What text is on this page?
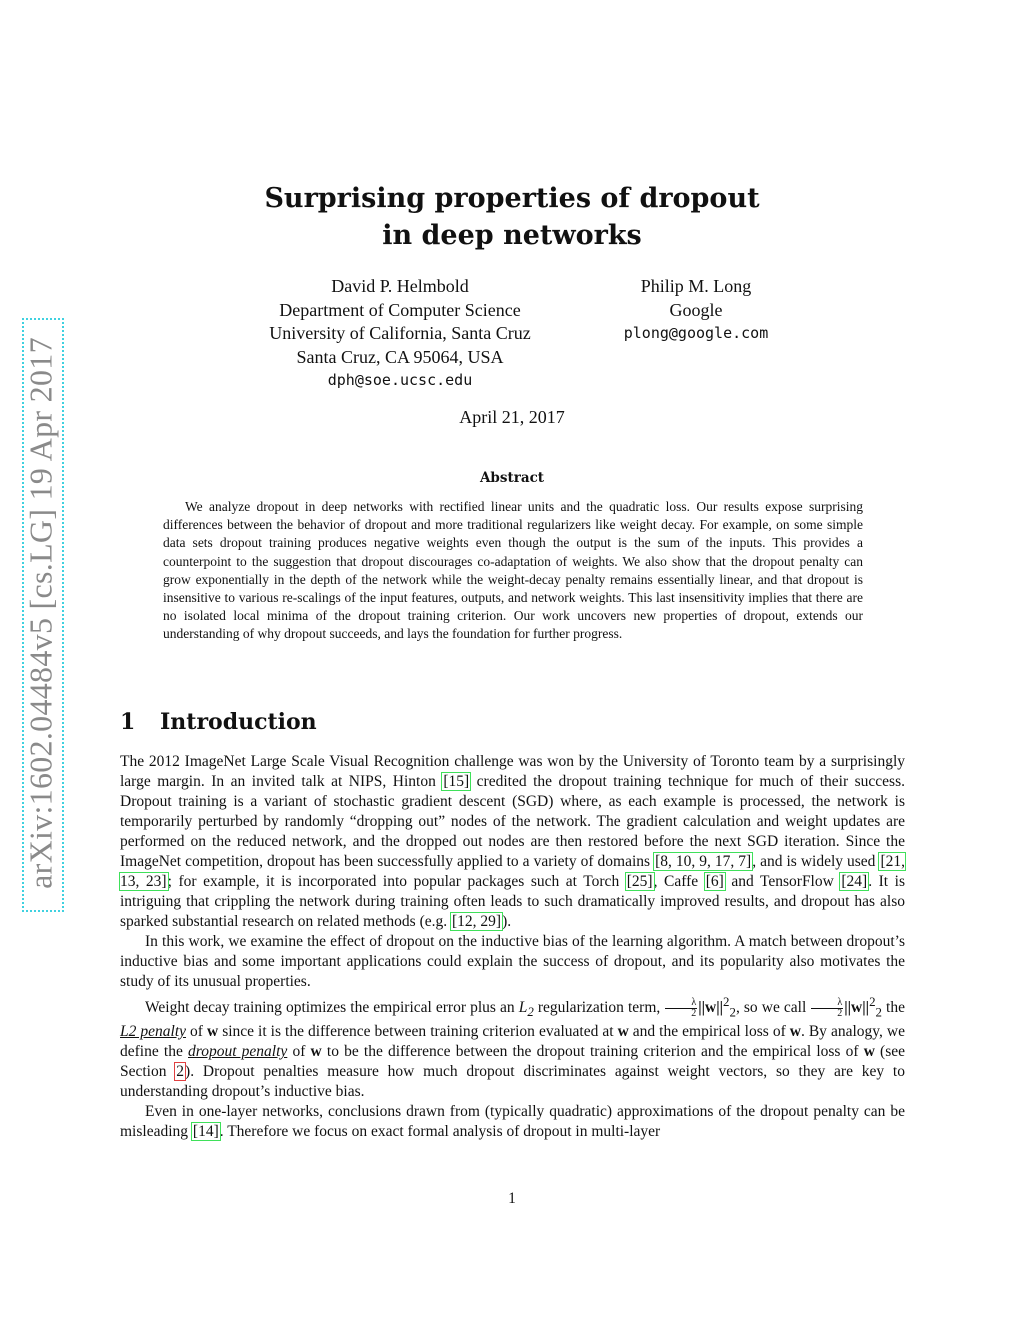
arXiv:1602.04484v5 [cs.LG] 19 Apr 2017
Surprising properties of dropout
in deep networks
David P. Helmbold
Department of Computer Science
University of California, Santa Cruz
Santa Cruz, CA 95064, USA
dph@soe.ucsc.edu
Philip M. Long
Google
plong@google.com
April 21, 2017
Abstract
We analyze dropout in deep networks with rectified linear units and the quadratic loss. Our results expose surprising differences between the behavior of dropout and more traditional regularizers like weight decay. For example, on some simple data sets dropout training produces negative weights even though the output is the sum of the inputs. This provides a counterpoint to the suggestion that dropout discourages co-adaptation of weights. We also show that the dropout penalty can grow exponentially in the depth of the network while the weight-decay penalty remains essentially linear, and that dropout is insensitive to various re-scalings of the input features, outputs, and network weights. This last insensitivity implies that there are no isolated local minima of the dropout training criterion. Our work uncovers new properties of dropout, extends our understanding of why dropout succeeds, and lays the foundation for further progress.
1 Introduction

The 2012 ImageNet Large Scale Visual Recognition challenge was won by the University of Toronto team by a surprisingly large margin. In an invited talk at NIPS, Hinton [15] credited the dropout training technique for much of their success. Dropout training is a variant of stochastic gradient descent (SGD) where, as each example is processed, the network is temporarily perturbed by randomly “dropping out” nodes of the network. The gradient calculation and weight updates are performed on the reduced network, and the dropped out nodes are then restored before the next SGD iteration. Since the ImageNet competition, dropout has been successfully applied to a variety of domains [8, 10, 9, 17, 7], and is widely used [21, 13, 23]; for example, it is incorporated into popular packages such at Torch [25], Caffe [6] and TensorFlow [24]. It is intriguing that crippling the network during training often leads to such dramatically improved results, and dropout has also sparked substantial research on related methods (e.g. [12, 29]).

In this work, we examine the effect of dropout on the inductive bias of the learning algorithm. A match between dropout’s inductive bias and some important applications could explain the success of dropout, and its popularity also motivates the study of its unusual properties.

Weight decay training optimizes the empirical error plus an $L_2$ regularization term, $\frac{\lambda}{2} ||w||^2_2$, so we call $\frac{\lambda}{2} ||w||^2_2$ the L2 penalty of w since it is the difference between training criterion evaluated at w and the empirical loss of w. By analogy, we define the dropout penalty of w to be the difference between the dropout training criterion and the empirical loss of w (see Section 2). Dropout penalties measure how much dropout discriminates against weight vectors, so they are key to understanding dropout’s inductive bias.

Even in one-layer networks, conclusions drawn from (typically quadratic) approximations of the dropout penalty can be misleading [14]. Therefore we focus on exact formal analysis of dropout in multi-layer

1
